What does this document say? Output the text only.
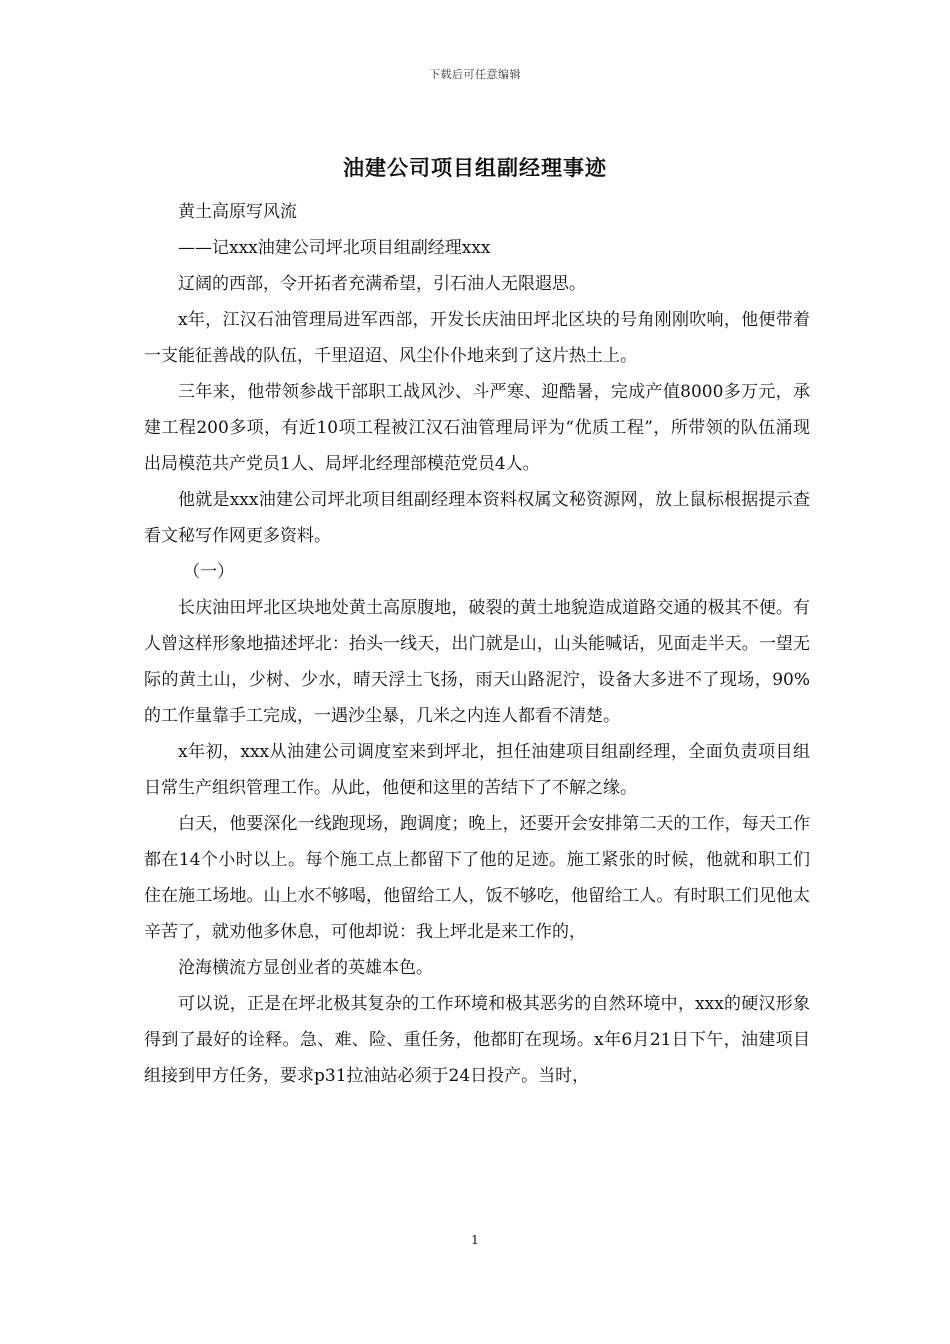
下载后可任意编辑
油建公司项目组副经理事迹

黄土高原写风流

——记xxx油建公司坪北项目组副经理xxx

辽阔的西部，令开拓者充满希望，引石油人无限遐思。

x年，江汉石油管理局进军西部，开发长庆油田坪北区块的号角刚刚吹响，他便带着一支能征善战的队伍，千里迢迢、风尘仆仆地来到了这片热土上。

三年来，他带领参战干部职工战风沙、斗严寒、迎酷暑，完成产值8000多万元，承建工程200多项，有近10项工程被江汉石油管理局评为“优质工程”，所带领的队伍涌现出局模范共产党员1人、局坪北经理部模范党员4人。

他就是xxx油建公司坪北项目组副经理本资料权属文秘资源网，放上鼠标根据提示查看文秘写作网更多资料。

（一）

长庆油田坪北区块地处黄土高原腹地，破裂的黄土地貌造成道路交通的极其不便。有人曾这样形象地描述坪北：抬头一线天，出门就是山，山头能喊话，见面走半天。一望无际的黄土山，少树、少水，晴天浮土飞扬，雨天山路泥泞，设备大多进不了现场，90%的工作量靠手工完成，一遇沙尘暴，几米之内连人都看不清楚。

x年初，xxx从油建公司调度室来到坪北，担任油建项目组副经理，全面负责项目组日常生产组织管理工作。从此，他便和这里的苦结下了不解之缘。

白天，他要深化一线跑现场，跑调度；晚上，还要开会安排第二天的工作，每天工作都在14个小时以上。每个施工点上都留下了他的足迹。施工紧张的时候，他就和职工们住在施工场地。山上水不够喝，他留给工人，饭不够吃，他留给工人。有时职工们见他太辛苦了，就劝他多休息，可他却说：我上坪北是来工作的，

沧海横流方显创业者的英雄本色。

可以说，正是在坪北极其复杂的工作环境和极其恶劣的自然环境中，xxx的硬汉形象得到了最好的诠释。急、难、险、重任务，他都盯在现场。x年6月21日下午，油建项目组接到甲方任务，要求p31拉油站必须于24日投产。当时，

1
